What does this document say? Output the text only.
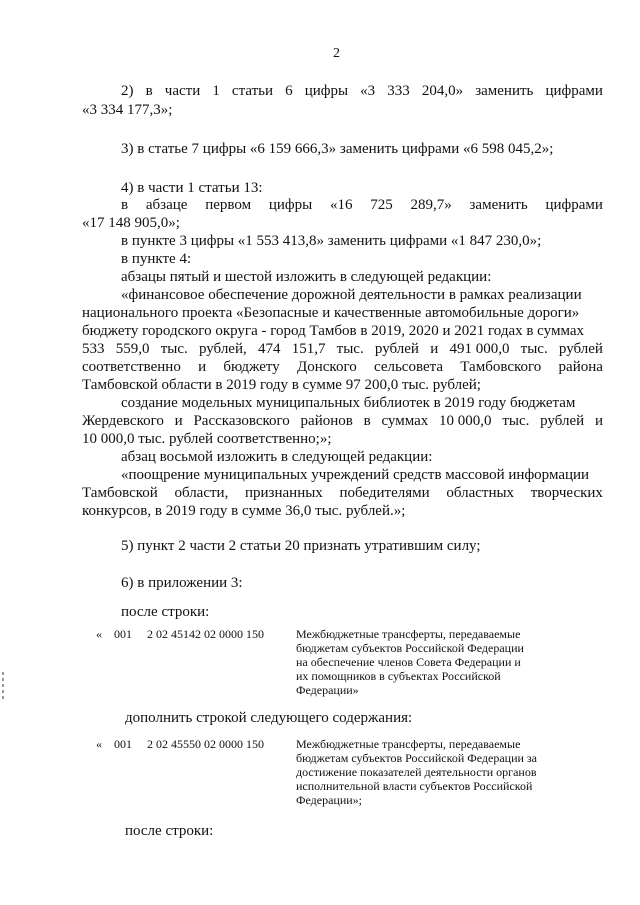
2
2) в части 1 статьи 6 цифры «3 333 204,0» заменить цифрами
«3 334 177,3»;
3) в статье 7 цифры «6 159 666,3» заменить цифрами «6 598 045,2»;
4) в части 1 статьи 13:
в абзаце первом цифры «16 725 289,7» заменить цифрами
«17 148 905,0»;
в пункте 3 цифры «1 553 413,8» заменить цифрами «1 847 230,0»;
в пункте 4:
абзацы пятый и шестой изложить в следующей редакции:
«финансовое обеспечение дорожной деятельности в рамках реализации
национального проекта «Безопасные и качественные автомобильные дороги»
бюджету городского округа - город Тамбов в 2019, 2020 и 2021 годах в суммах
533 559,0 тыс. рублей, 474 151,7 тыс. рублей и 491 000,0 тыс. рублей
соответственно и бюджету Донского сельсовета Тамбовского района
Тамбовской области в 2019 году в сумме 97 200,0 тыс. рублей;
создание модельных муниципальных библиотек в 2019 году бюджетам
Жердевского и Рассказовского районов в суммах 10 000,0 тыс. рублей и
10 000,0 тыс. рублей соответственно;»;
абзац восьмой изложить в следующей редакции:
«поощрение муниципальных учреждений средств массовой информации
Тамбовской области, признанных победителями областных творческих
конкурсов, в 2019 году в сумме 36,0 тыс. рублей.»;
5) пункт 2 части 2 статьи 20 признать утратившим силу;
6) в приложении 3:
после строки:
« 001 2 02 45142 02 0000 150	Межбюджетные трансферты, передаваемые
бюджетам субъектов Российской Федерации
на обеспечение членов Совета Федерации и
их помощников в субъектах Российской
Федерации»
дополнить строкой следующего содержания:
« 001 2 02 45550 02 0000 150	Межбюджетные трансферты, передаваемые
бюджетам субъектов Российской Федерации за
достижение показателей деятельности органов
исполнительной власти субъектов Российской
Федерации»;
после строки:
